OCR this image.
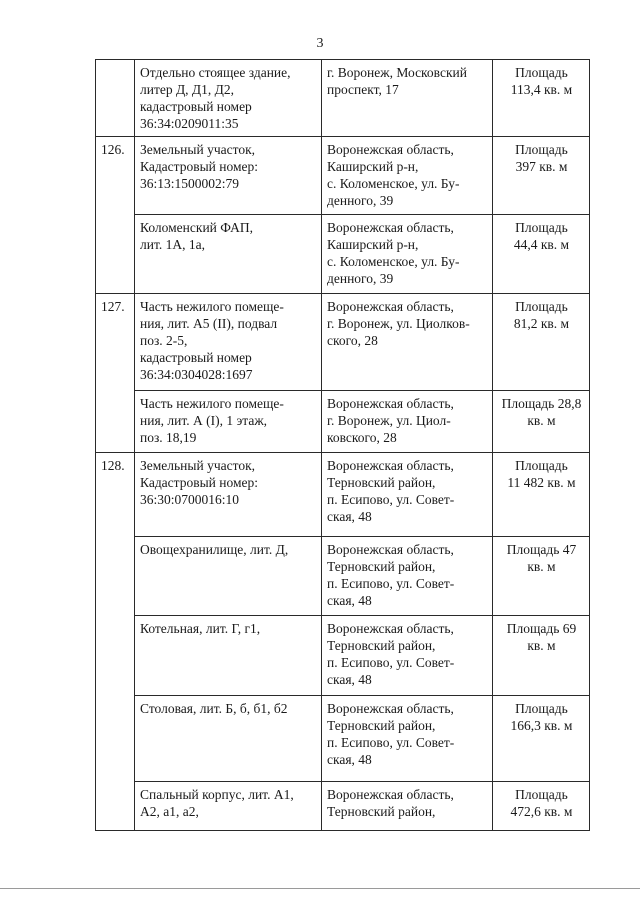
3

	Отдельно стоящее здание,
литер Д, Д1, Д2,
кадастровый номер
36:34:0209011:35	г. Воронеж, Московский
проспект, 17	Площадь
113,4 кв. м

126.	Земельный участок,
Кадастровый номер:
36:13:1500002:79	Воронежская область,
Каширский р-н,
с. Коломенское, ул. Бу-
денного, 39	Площадь
397 кв. м

	Коломенский ФАП,
лит. 1А, 1а,	Воронежская область,
Каширский р-н,
с. Коломенское, ул. Бу-
денного, 39	Площадь
44,4 кв. м

127.	Часть нежилого помеще-
ния, лит. А5 (II), подвал
поз. 2-5,
кадастровый номер
36:34:0304028:1697	Воронежская область,
г. Воронеж, ул. Циолков-
ского, 28	Площадь
81,2 кв. м

	Часть нежилого помеще-
ния, лит. А (I), 1 этаж,
поз. 18,19	Воронежская область,
г. Воронеж, ул. Циол-
ковского, 28	Площадь 28,8
кв. м

128.	Земельный участок,
Кадастровый номер:
36:30:0700016:10	Воронежская область,
Терновский район,
п. Есипово, ул. Совет-
ская, 48	Площадь
11 482 кв. м

	Овощехранилище, лит. Д,	Воронежская область,
Терновский район,
п. Есипово, ул. Совет-
ская, 48	Площадь 47
кв. м

	Котельная, лит. Г, г1,	Воронежская область,
Терновский район,
п. Есипово, ул. Совет-
ская, 48	Площадь 69
кв. м

	Столовая, лит. Б, б, б1, б2	Воронежская область,
Терновский район,
п. Есипово, ул. Совет-
ская, 48	Площадь
166,3 кв. м

	Спальный корпус, лит. А1,
А2, а1, а2,	Воронежская область,
Терновский район,	Площадь
472,6 кв. м
